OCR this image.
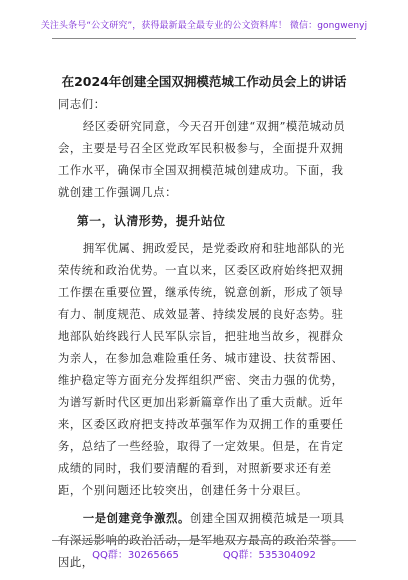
关注头条号“公文研究”，获得最新最全最专业的公文资料库！ 微信：gongwenyj
在2024年创建全国双拥模范城工作动员会上的讲话

同志们：

经区委研究同意，今天召开创建“双拥”模范城动员会，主要是号召全区党政军民积极参与，全面提升双拥工作水平，确保市全国双拥模范城创建成功。下面，我就创建工作强调几点：

第一，认清形势，提升站位

拥军优属、拥政爱民，是党委政府和驻地部队的光荣传统和政治优势。一直以来，区委区政府始终把双拥工作摆在重要位置，继承传统，锐意创新，形成了领导有力、制度规范、成效显著、持续发展的良好态势。驻地部队始终践行人民军队宗旨，把驻地当故乡，视群众为亲人，在参加急难险重任务、城市建设、扶贫帮困、维护稳定等方面充分发挥组织严密、突击力强的优势，为谱写新时代区更加出彩新篇章作出了重大贡献。近年来，区委区政府把支持改革强军作为双拥工作的重要任务，总结了一些经验，取得了一定效果。但是，在肯定成绩的同时，我们要清醒的看到，对照新要求还有差距，个别问题还比较突出，创建任务十分艰巨。

一是创建竞争激烈。创建全国双拥模范城是一项具有深远影响的政治活动，是军地双方最高的政治荣誉。因此，

QQ群：30265665	QQ群：535304092
